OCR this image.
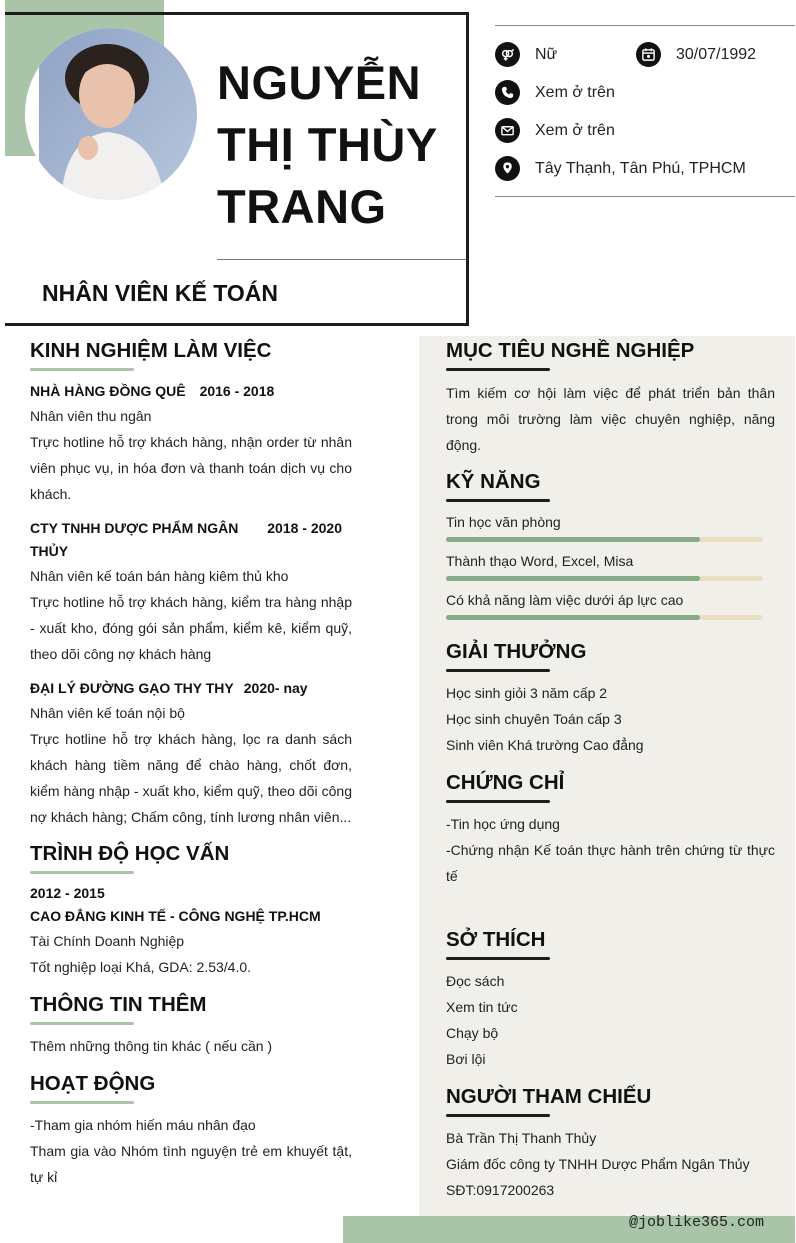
NGUYỄN
THỊ THÙY
TRANG
NHÂN VIÊN KẾ TOÁN
Nữ	30/07/1992
Xem ở trên
Xem ở trên
Tây Thạnh, Tân Phú, TPHCM
KINH NGHIỆM LÀM VIỆC
NHÀ HÀNG ĐỒNG QUÊ 2016 - 2018
Nhân viên thu ngân
Trực hotline hỗ trợ khách hàng, nhận order từ nhân viên phục vụ, in hóa đơn và thanh toán dịch vụ cho khách.
CTY TNHH DƯỢC PHẨM NGÂN THỦY
2018 - 2020
Nhân viên kế toán bán hàng kiêm thủ kho
Trực hotline hỗ trợ khách hàng, kiểm tra hàng nhập - xuất kho, đóng gói sản phẩm, kiểm kê, kiểm quỹ, theo dõi công nợ khách hàng
ĐẠI LÝ ĐƯỜNG GẠO THY THY 2020- nay
Nhân viên kế toán nội bộ
Trực hotline hỗ trợ khách hàng, lọc ra danh sách khách hàng tiềm năng để chào hàng, chốt đơn, kiểm hàng nhập - xuất kho, kiểm quỹ, theo dõi công nợ khách hàng; Chấm công, tính lương nhân viên...
TRÌNH ĐỘ HỌC VẤN
2012 - 2015
CAO ĐẲNG KINH TẾ - CÔNG NGHỆ TP.HCM
Tài Chính Doanh Nghiệp
Tốt nghiệp loại Khá, GDA: 2.53/4.0.
THÔNG TIN THÊM
Thêm những thông tin khác ( nếu cần )
HOẠT ĐỘNG
-Tham gia nhóm hiến máu nhân đạo
Tham gia vào Nhóm tình nguyện trẻ em khuyết tật, tự kỉ
MỤC TIÊU NGHỀ NGHIỆP
Tìm kiếm cơ hội làm việc để phát triển bản thân trong môi trường làm việc chuyên nghiệp, năng động.
KỸ NĂNG
Tin học văn phòng
Thành thạo Word, Excel, Misa
Có khả năng làm việc dưới áp lực cao
GIẢI THƯỞNG
Học sinh giỏi 3 năm cấp 2
Học sinh chuyên Toán cấp 3
Sinh viên Khá trường Cao đẳng
CHỨNG CHỈ
-Tin học ứng dụng
-Chứng nhận Kế toán thực hành trên chứng từ thực tế
SỞ THÍCH
Đọc sách
Xem tin tức
Chạy bộ
Bơi lội
NGƯỜI THAM CHIẾU
Bà Trần Thị Thanh Thủy
Giám đốc công ty TNHH Dược Phẩm Ngân Thủy
SĐT:0917200263
@joblike365.com
